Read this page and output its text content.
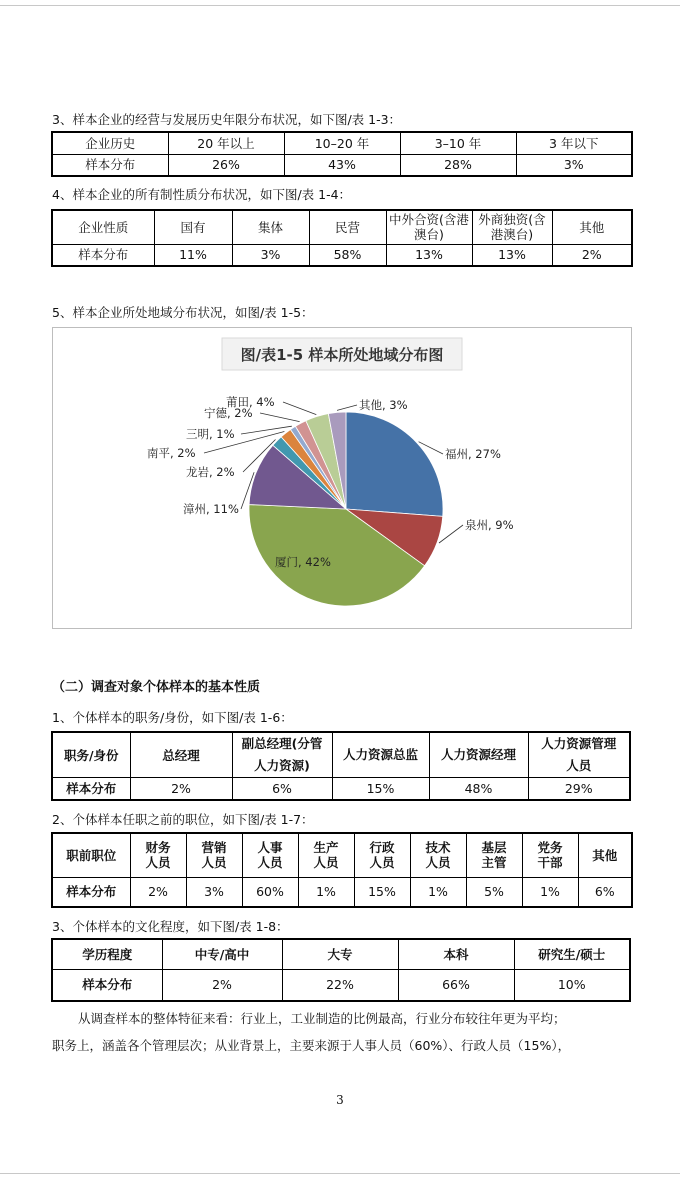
3、样本企业的经营与发展历史年限分布状况，如下图/表 1-3：
企业历史	20 年以上	10–20 年	3–10 年	3 年以下
样本分布	26%	43%	28%	3%
4、样本企业的所有制性质分布状况，如下图/表 1-4：
企业性质	国有	集体	民营	中外合资(含港澳台)	外商独资(含港澳台)	其他
样本分布	11%	3%	58%	13%	13%	2%
5、样本企业所处地域分布状况，如图/表 1-5：
图/表1-5 样本所处地域分布图
福州, 27%
泉州, 9%
厦门, 42%
漳州, 11%
龙岩, 2%
南平, 2%
三明, 1%
宁德, 2%
莆田, 4%	其他, 3%
（二）调查对象个体样本的基本性质
1、个体样本的职务/身份，如下图/表 1-6：
职务/身份	总经理	副总经理(分管人力资源)	人力资源总监	人力资源经理	人力资源管理人员
样本分布	2%	6%	15%	48%	29%
2、个体样本任职之前的职位，如下图/表 1-7：
职前职位	财务人员	营销人员	人事人员	生产人员	行政人员	技术人员	基层主管	党务干部	其他
样本分布	2%	3%	60%	1%	15%	1%	5%	1%	6%
3、个体样本的文化程度，如下图/表 1-8：
学历程度	中专/高中	大专	本科	研究生/硕士
样本分布	2%	22%	66%	10%
从调查样本的整体特征来看：行业上，工业制造的比例最高，行业分布较往年更为平均；
职务上，涵盖各个管理层次；从业背景上，主要来源于人事人员（60%）、行政人员（15%），
3
